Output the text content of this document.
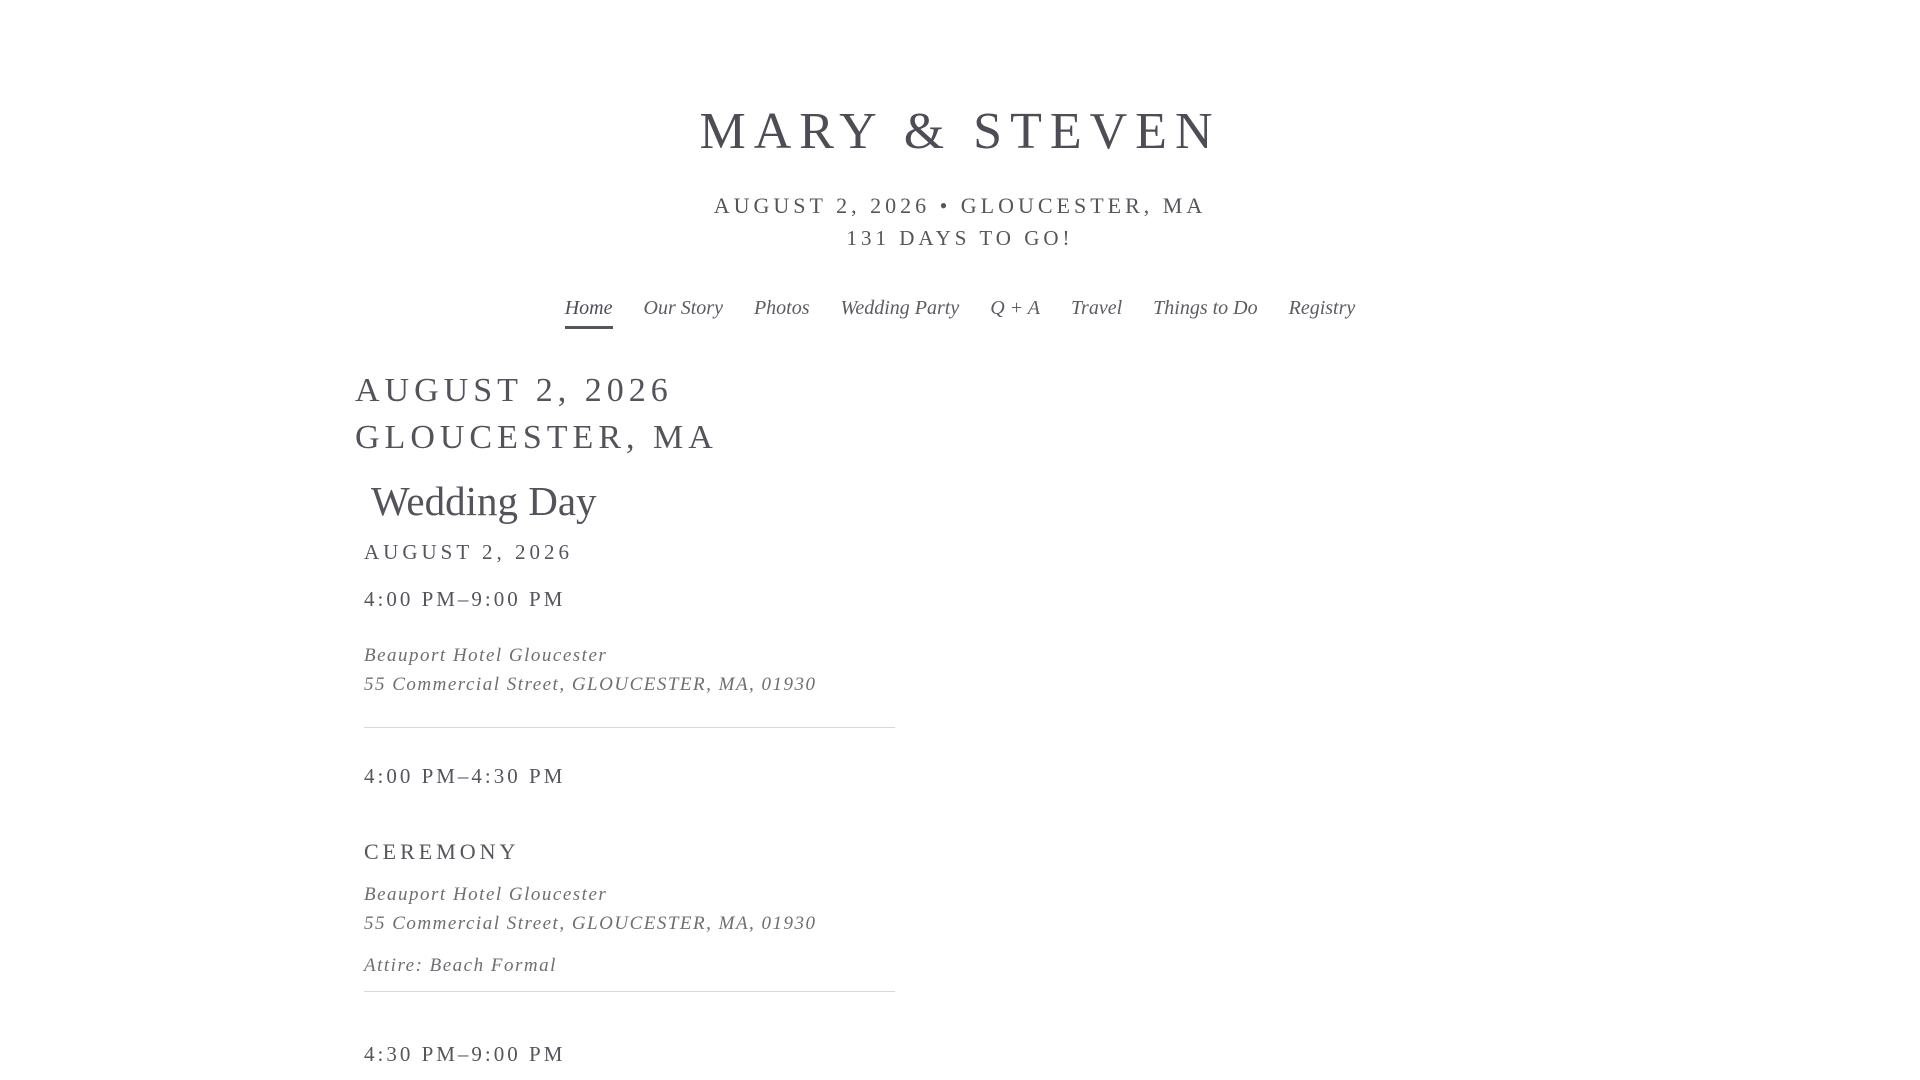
MARY & STEVEN
AUGUST 2, 2026 • GLOUCESTER, MA
131 DAYS TO GO!
Home Our Story Photos Wedding Party Q + A Travel Things to Do Registry
AUGUST 2, 2026
GLOUCESTER, MA
Wedding Day
AUGUST 2, 2026
4:00 PM–9:00 PM
Beauport Hotel Gloucester
55 Commercial Street, GLOUCESTER, MA, 01930
4:00 PM–4:30 PM
CEREMONY
Beauport Hotel Gloucester
55 Commercial Street, GLOUCESTER, MA, 01930
Attire: Beach Formal
4:30 PM–9:00 PM
